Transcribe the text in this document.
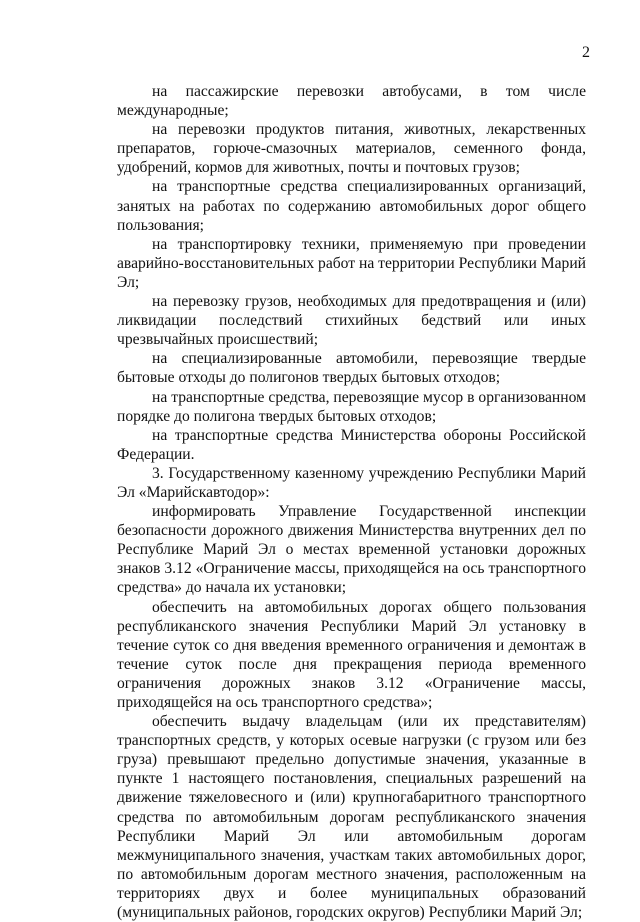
2

на пассажирские перевозки автобусами, в том числе международные;

на перевозки продуктов питания, животных, лекарственных препаратов, горюче-смазочных материалов, семенного фонда, удобрений, кормов для животных, почты и почтовых грузов;

на транспортные средства специализированных организаций, занятых на работах по содержанию автомобильных дорог общего пользования;

на транспортировку техники, применяемую при проведении аварийно-восстановительных работ на территории Республики Марий Эл;

на перевозку грузов, необходимых для предотвращения и (или) ликвидации последствий стихийных бедствий или иных чрезвычайных происшествий;

на специализированные автомобили, перевозящие твердые бытовые отходы до полигонов твердых бытовых отходов;

на транспортные средства, перевозящие мусор в организованном порядке до полигона твердых бытовых отходов;

на транспортные средства Министерства обороны Российской Федерации.

3. Государственному казенному учреждению Республики Марий Эл «Марийскавтодор»:

информировать Управление Государственной инспекции безопасности дорожного движения Министерства внутренних дел по Республике Марий Эл о местах временной установки дорожных знаков 3.12 «Ограничение массы, приходящейся на ось транспортного средства» до начала их установки;

обеспечить на автомобильных дорогах общего пользования республиканского значения Республики Марий Эл установку в течение суток со дня введения временного ограничения и демонтаж в течение суток после дня прекращения периода временного ограничения дорожных знаков 3.12 «Ограничение массы, приходящейся на ось транспортного средства»;

обеспечить выдачу владельцам (или их представителям) транспортных средств, у которых осевые нагрузки (с грузом или без груза) превышают предельно допустимые значения, указанные в пункте 1 настоящего постановления, специальных разрешений на движение тяжеловесного и (или) крупногабаритного транспортного средства по автомобильным дорогам республиканского значения Республики Марий Эл или автомобильным дорогам межмуниципального значения, участкам таких автомобильных дорог, по автомобильным дорогам местного значения, расположенным на территориях двух и более муниципальных образований (муниципальных районов, городских округов) Республики Марий Эл;
